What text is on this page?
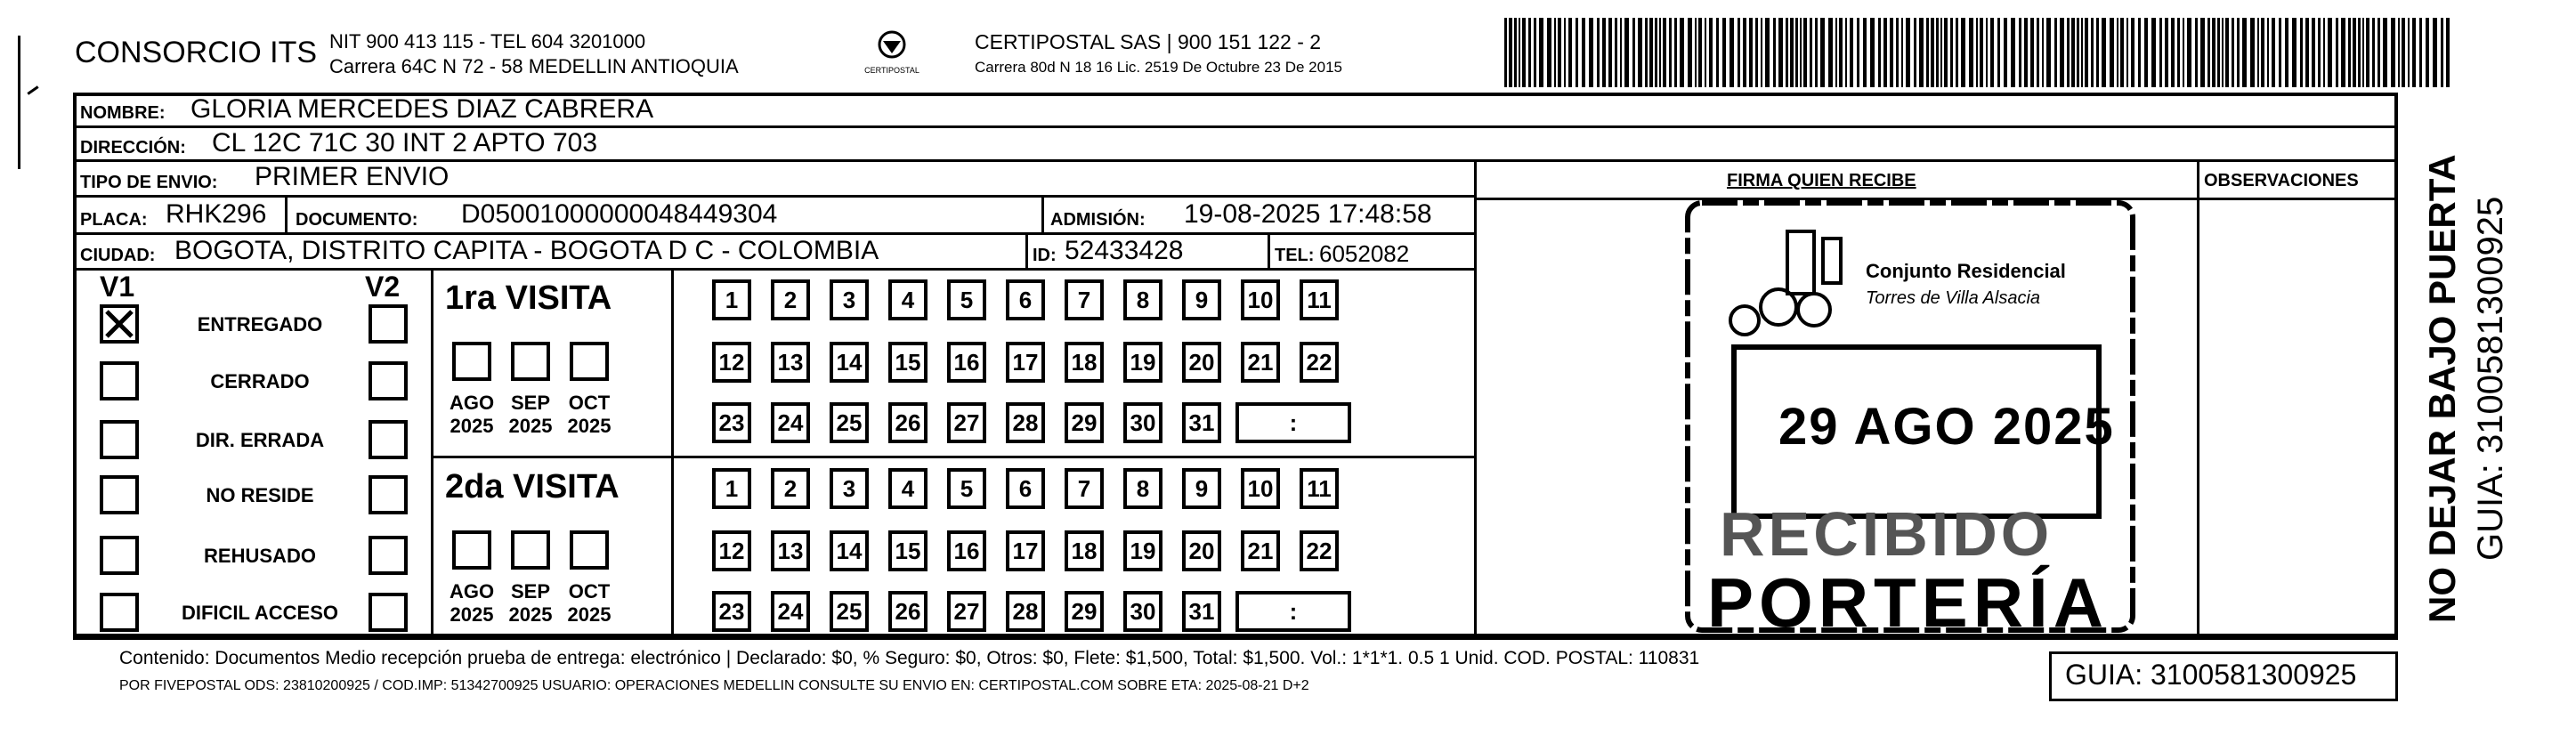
CONSORCIO ITS NIT 900 413 115 - TEL 604 3201000
Carrera 64C N 72 - 58 MEDELLIN ANTIOQUIA	CERTIPOSTAL
CERTIPOSTAL SAS | 900 151 122 - 2
Carrera 80d N 18 16 Lic. 2519 De Octubre 23 De 2015
NOMBRE: GLORIA MERCEDES DIAZ CABRERA
DIRECCIÓN: CL 12C 71C 30 INT 2 APTO 703
TIPO DE ENVIO: PRIMER ENVIO	FIRMA QUIEN RECIBE	OBSERVACIONES
PLACA: RHK296 DOCUMENTO: D05001000000048449304	ADMISIÓN: 19-08-2025 17:48:58
CIUDAD: BOGOTA, DISTRITO CAPITA - BOGOTA D C - COLOMBIA	ID: 52433428	TEL: 6052082
V1	V2
ENTREGADO
CERRADO
DIR. ERRADA
NO RESIDE
REHUSADO
DIFICIL ACCESO
1ra VISITA
AGO 2025
SEP 2025
OCT 2025
1	2	3	4	5	6	7	8	9	10	11
12 13 14 15 16 17 18 19 20 21 22
23 24 25 26 27 28 29 30 31	:
2da VISITA
AGO 2025
SEP 2025
OCT 2025
1	2	3	4	5	6	7	8	9	10	11
12 13 14 15 16 17 18 19 20 21 22
23 24 25 26 27 28 29 30 31	:
Conjunto Residencial
Torres de Villa Alsacia
29 AGO 2025
RECIBIDO
PORTERÍA
Contenido: Documentos Medio recepción prueba de entrega: electrónico | Declarado: $0, % Seguro: $0, Otros: $0, Flete: $1,500, Total: $1,500. Vol.: 1*1*1. 0.5 1 Unid. COD. POSTAL: 110831
POR FIVEPOSTAL ODS: 23810200925 / COD.IMP: 51342700925 USUARIO: OPERACIONES MEDELLIN CONSULTE SU ENVIO EN: CERTIPOSTAL.COM SOBRE ETA: 2025-08-21 D+2	GUIA: 3100581300925
NO DEJAR BAJO PUERTA GUIA: 3100581300925
